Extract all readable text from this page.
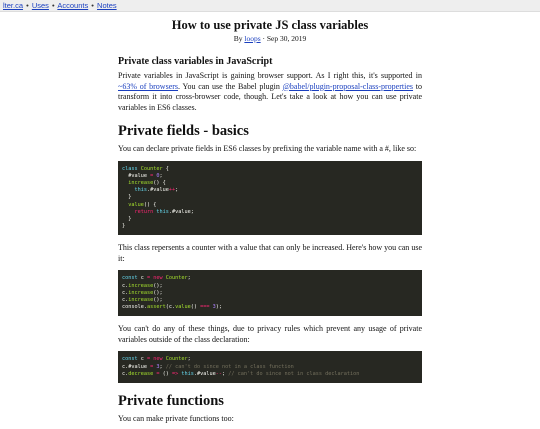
lter.ca • Uses • Accounts • Notes
How to use private JS class variables
By loops · Sep 30, 2019
Private class variables in JavaScript

Private variables in JavaScript is gaining browser support. As I right this, it's supported in ~63% of browsers. You can use the Babel plugin @babel/plugin-proposal-class-properties to transform it into cross-browser code, though. Let's take a look at how you can use private variables in ES6 classes.

Private fields - basics

You can declare private fields in ES6 classes by prefixing the variable name with a #, like so:

class Counter {
#value = 0;
increase() {
this.#value++;
}
value() {
return this.#value;
}
}

This class repersents a counter with a value that can only be increased. Here's how you can use it:

const c = new Counter;
c.increase();
c.increase();
c.increase();
console.assert(c.value() === 3);

You can't do any of these things, due to privacy rules which prevent any usage of private variables outside of the class declaration:

const c = new Counter;
c.#value = 3; // can't do since not in a class function
c.decrease = () => this.#value--; // can't do since not in class declaration
Private functions

You can make private functions too:
